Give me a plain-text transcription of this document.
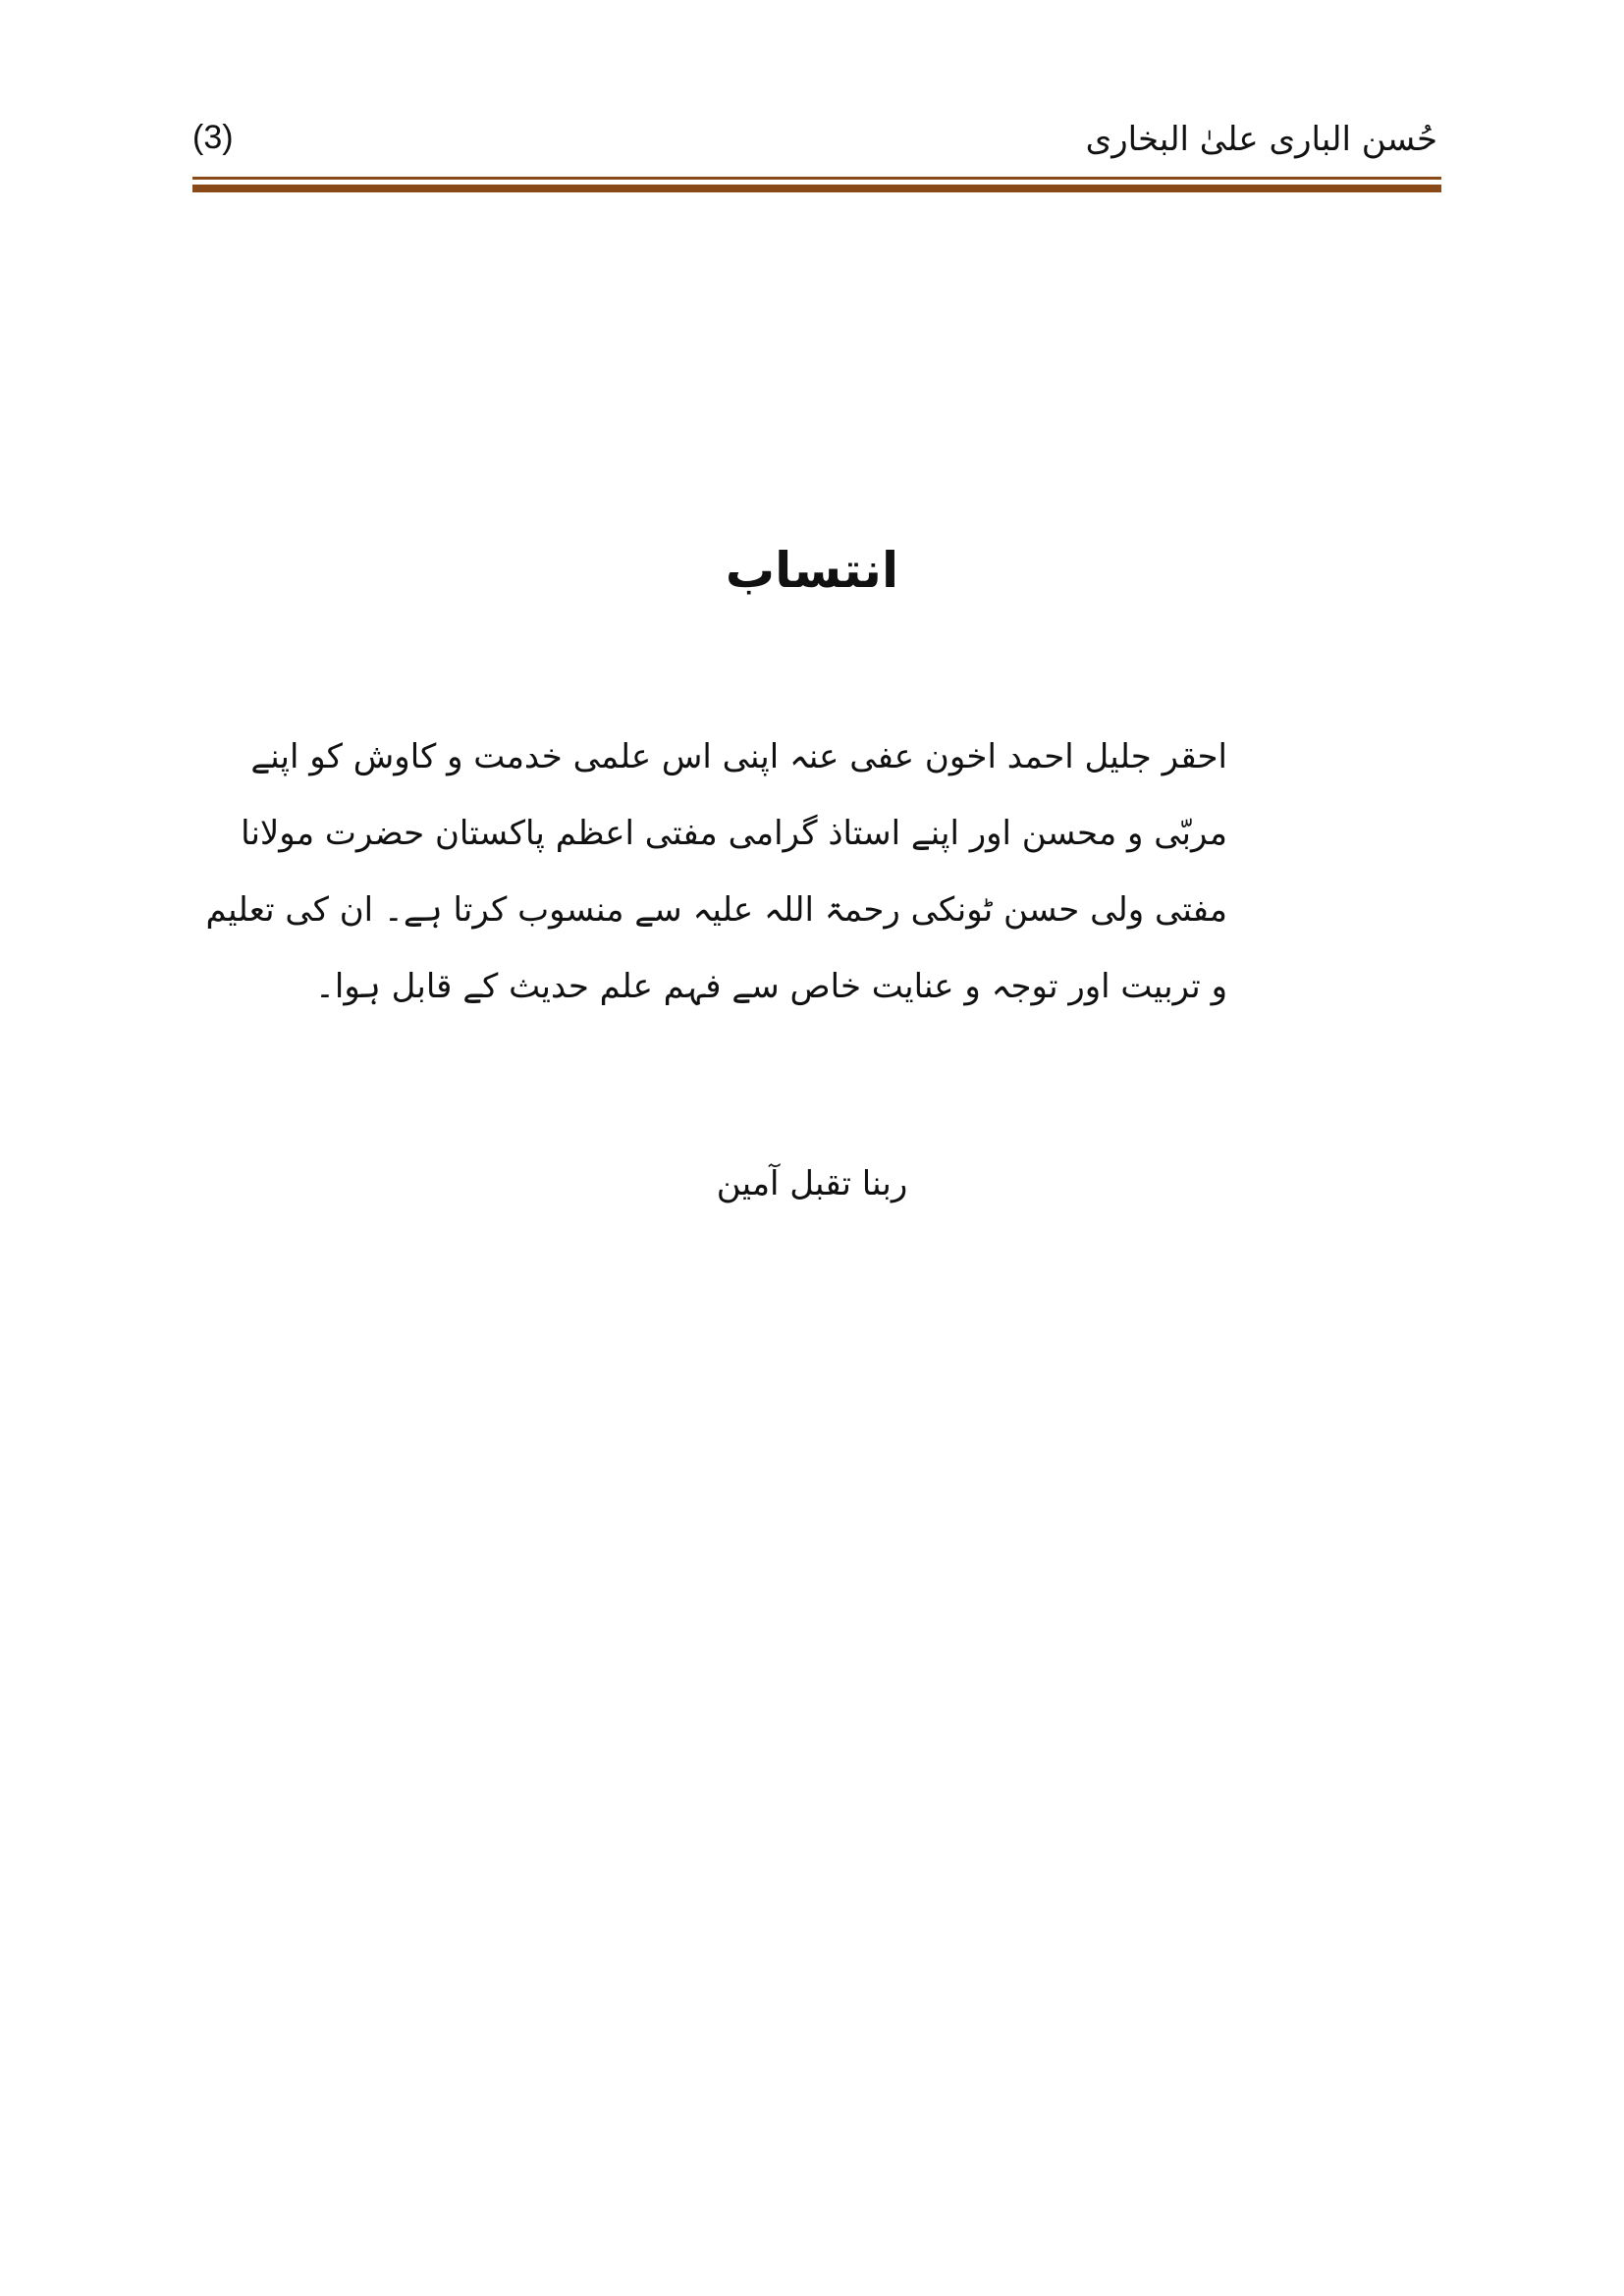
(3)	حُسن الباری علیٰ البخاری
انتساب
احقر جلیل احمد اخون عفی عنہ اپنی اس علمی خدمت و کاوش کو اپنے
مربّی و محسن اور اپنے استاذ گرامی مفتی اعظم پاکستان حضرت مولانا
مفتی ولی حسن ٹونکی رحمۃ اللہ علیہ سے منسوب کرتا ہے۔ ان کی تعلیم
و تربیت اور توجہ و عنایت خاص سے فہم علم حدیث کے قابل ہوا۔
ربنا تقبل آمین
